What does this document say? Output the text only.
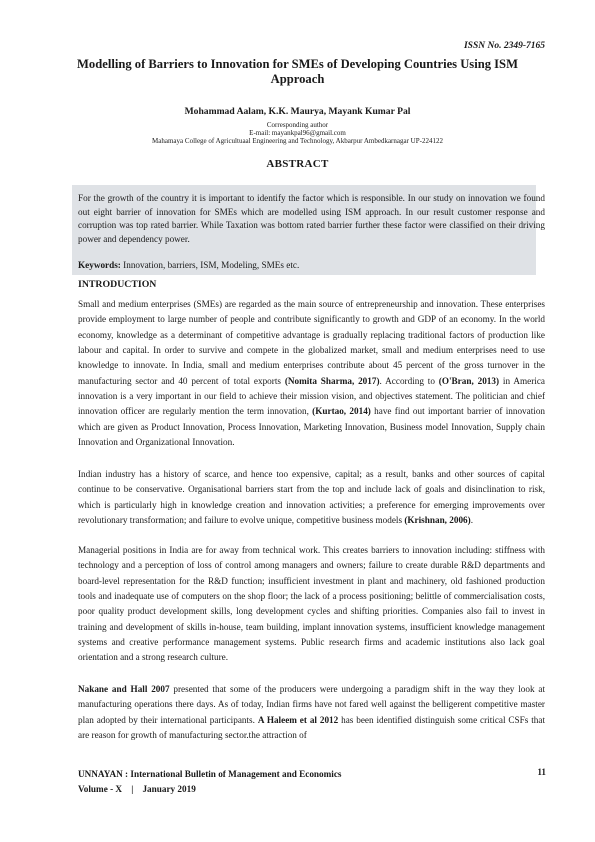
ISSN No. 2349-7165
Modelling of Barriers to Innovation for SMEs of Developing Countries Using ISM Approach
Mohammad Aalam, K.K. Maurya, Mayank Kumar Pal
Corresponding author
E-mail: mayankpal96@gmail.com
Mahamaya College of Agricultuaal Engineering and Technology, Akbarpur Ambedkarnagar UP-224122
ABSTRACT
For the growth of the country it is important to identify the factor which is responsible. In our study on innovation we found out eight barrier of innovation for SMEs which are modelled using ISM approach. In our result customer response and corruption was top rated barrier. While Taxation was bottom rated barrier further these factor were classified on their driving power and dependency power.
Keywords: Innovation, barriers, ISM, Modeling, SMEs etc.
INTRODUCTION

Small and medium enterprises (SMEs) are regarded as the main source of entrepreneurship and innovation. These enterprises provide employment to large number of people and contribute significantly to growth and GDP of an economy. In the world economy, knowledge as a determinant of competitive advantage is gradually replacing traditional factors of production like labour and capital. In order to survive and compete in the globalized market, small and medium enterprises need to use knowledge to innovate. In India, small and medium enterprises contribute about 45 percent of the gross turnover in the manufacturing sector and 40 percent of total exports (Nomita Sharma, 2017). According to (O'Bran, 2013) in America innovation is a very important in our field to achieve their mission vision, and objectives statement. The politician and chief innovation officer are regularly mention the term innovation, (Kurtao, 2014) have find out important barrier of innovation which are given as Product Innovation, Process Innovation, Marketing Innovation, Business model Innovation, Supply chain Innovation and Organizational Innovation.

Indian industry has a history of scarce, and hence too expensive, capital; as a result, banks and other sources of capital continue to be conservative. Organisational barriers start from the top and include lack of goals and disinclination to risk, which is particularly high in knowledge creation and innovation activities; a preference for emerging improvements over revolutionary transformation; and failure to evolve unique, competitive business models (Krishnan, 2006).

Managerial positions in India are for away from technical work. This creates barriers to innovation including: stiffness with technology and a perception of loss of control among managers and owners; failure to create durable R&D departments and board-level representation for the R&D function; insufficient investment in plant and machinery, old fashioned production tools and inadequate use of computers on the shop floor; the lack of a process positioning; belittle of commercialisation costs, poor quality product development skills, long development cycles and shifting priorities. Companies also fail to invest in training and development of skills in-house, team building, implant innovation systems, insufficient knowledge management systems and creative performance management systems. Public research firms and academic institutions also lack goal orientation and a strong research culture.

Nakane and Hall 2007 presented that some of the producers were undergoing a paradigm shift in the way they look at manufacturing operations there days. As of today, Indian firms have not fared well against the belligerent competitive master plan adopted by their international participants. A Haleem et al 2012 has been identified distinguish some critical CSFs that are reason for growth of manufacturing sector.the attraction of

UNNAYAN : International Bulletin of Management and Economics
Volume - X    |    January 2019
11
